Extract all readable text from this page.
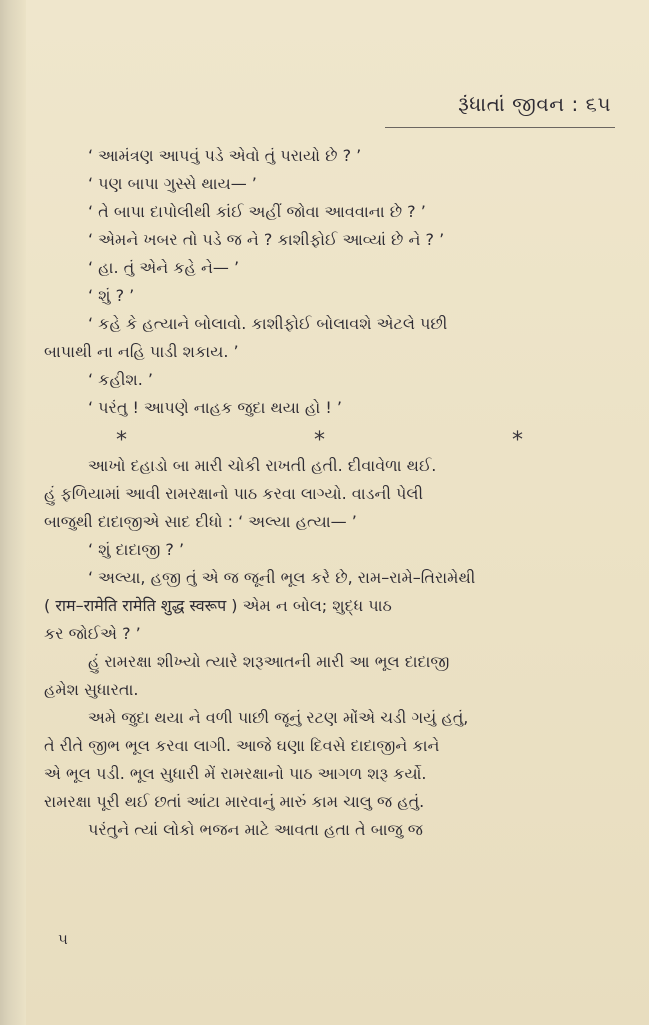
રૂંધાતાં જીવન : ૬૫
‘ આમંત્રણ આપવું પડે એવો તું પરાયો છે ? ’
‘ પણ બાપા ગુસ્સે થાય— ’
‘ તે બાપા દાપોલીથી કાંઈ અહીં જોવા આવવાના છે ? ’
‘ એમને ખબર તો પડે જ ને ? કાશીફોઈ આવ્યાં છે ને ? ’
‘ હા. તું એને કહે ને— ’
‘ શું ? ’
‘ કહે કે હત્યાને બોલાવો. કાશીફોઈ બોલાવશે એટલે પછી
બાપાથી ના નહિ પાડી શકાય. ’
‘ કહીશ. ’
‘ પરંતુ ! આપણે નાહક જુદા થયા હો ! ’
*	*	*
આખો દહાડો બા મારી ચોકી રાખતી હતી. દીવાવેળા થઈ.
હું ફળિયામાં આવી રામરક્ષાનો પાઠ કરવા લાગ્યો. વાડની પેલી
બાજુથી દાદાજીએ સાદ દીધો : ‘ અલ્યા હત્યા— ’
‘ શું દાદાજી ? ’
‘ અલ્યા, હજી તું એ જ જૂની ભૂલ કરે છે, રામ–રામે–તિરામેથી
( राम–रामेति रामेति शुद्ध स्वरूप ) એમ ન બોલ; શુદ્ધ પાઠ
કર જોઈએ ? ’
હું રામરક્ષા શીખ્યો ત્યારે શરૂઆતની મારી આ ભૂલ દાદાજી
હમેશ સુધારતા.
અમે જુદા થયા ને વળી પાછી જૂનું રટણ મોંએ ચડી ગયું હતું,
તે રીતે જીભ ભૂલ કરવા લાગી. આજે ઘણા દિવસે દાદાજીને કાને
એ ભૂલ પડી. ભૂલ સુધારી મેં રામરક્ષાનો પાઠ આગળ શરૂ કર્યો.
રામરક્ષા પૂરી થઈ છતાં આંટા મારવાનું મારું કામ ચાલુ જ હતું.
પરંતુને ત્યાં લોકો ભજન માટે આવતા હતા તે બાજુ જ
૫
